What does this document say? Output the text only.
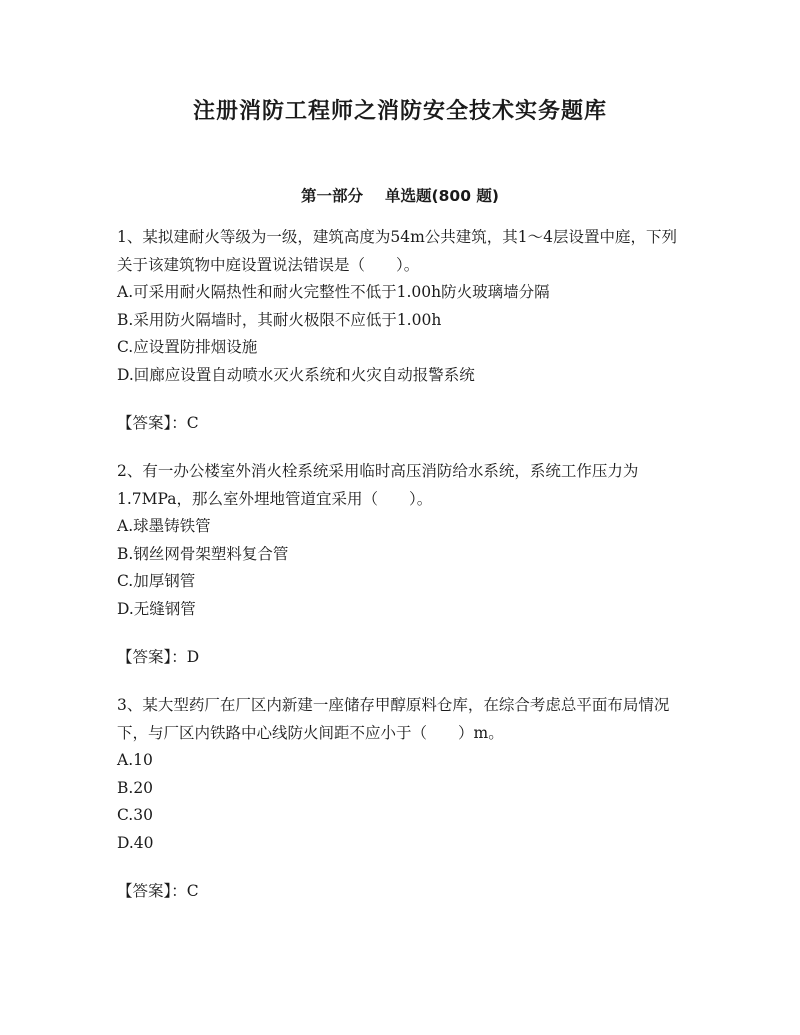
注册消防工程师之消防安全技术实务题库
第一部分 单选题(800 题)

1、某拟建耐火等级为一级，建筑高度为54m公共建筑，其1～4层设置中庭，下列关于该建筑物中庭设置说法错误是（　　）。

A.可采用耐火隔热性和耐火完整性不低于1.00h防火玻璃墙分隔

B.采用防火隔墙时，其耐火极限不应低于1.00h

C.应设置防排烟设施

D.回廊应设置自动喷水灭火系统和火灾自动报警系统

【答案】：C

2、有一办公楼室外消火栓系统采用临时高压消防给水系统，系统工作压力为1.7MPa，那么室外埋地管道宜采用（　　）。

A.球墨铸铁管

B.钢丝网骨架塑料复合管

C.加厚钢管

D.无缝钢管

【答案】：D

3、某大型药厂在厂区内新建一座储存甲醇原料仓库，在综合考虑总平面布局情况下，与厂区内铁路中心线防火间距不应小于（　　）m。

A.10

B.20

C.30

D.40

【答案】：C
